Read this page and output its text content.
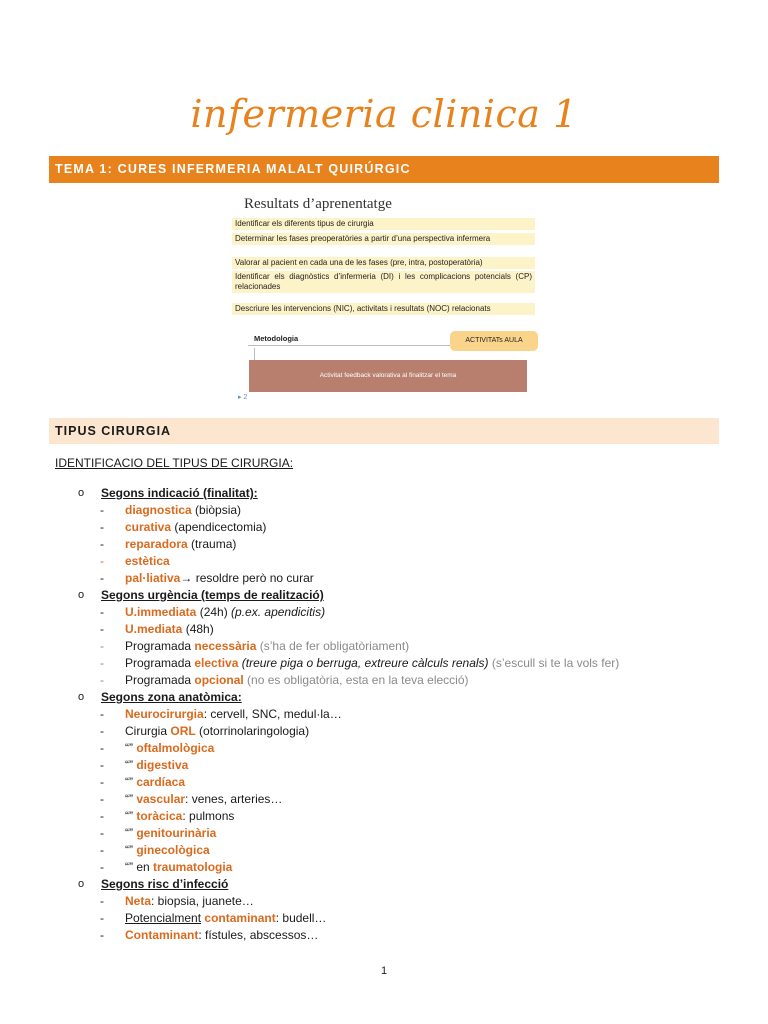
infermeria clinica 1
TEMA 1: CURES INFERMERIA MALALT QUIRÚRGIC
Resultats d’aprenentatge
Identificar els diferents tipus de cirurgia
Determinar les fases preoperatòries a partir d’una perspectiva infermera
Valorar al pacient en cada una de les fases (pre, intra, postoperatòria)
Identificar els diagnòstics d’infermeria (DI) i les complicacions potencials (CP) relacionades
Descriure les intervencions (NIC), activitats i resultats (NOC) relacionats
Metodologia	ACTIVITATs AULA
Activitat feedback valorativa al finalitzar el tema
▸ 2
TIPUS CIRURGIA
IDENTIFICACIO DEL TIPUS DE CIRURGIA:
o Segons indicació (finalitat):
- diagnostica (biòpsia)
- curativa (apendicectomia)
- reparadora (trauma)
- estètica
- pal·liativa→ resoldre però no curar
o Segons urgència (temps de realització)
- U.immediata (24h) (p.ex. apendicitis)
- U.mediata (48h)
- Programada necessària (s’ha de fer obligatòriament)
- Programada electiva (treure piga o berruga, extreure càlculs renals) (s’escull si te la vols fer)
- Programada opcional (no es obligatòria, esta en la teva elecció)
o Segons zona anatòmica:
- Neurocirurgia: cervell, SNC, medul·la…
- Cirurgia ORL (otorrinolaringologia)
- “” oftalmològica
- “” digestiva
- “” cardíaca
- “” vascular: venes, arteries…
- “” toràcica: pulmons
- “” genitourinària
- “” ginecològica
- “” en traumatologia
o Segons risc d’infecció
- Neta: biopsia, juanete…
- Potencialment contaminant: budell…
- Contaminant: fístules, abscessos…
1
